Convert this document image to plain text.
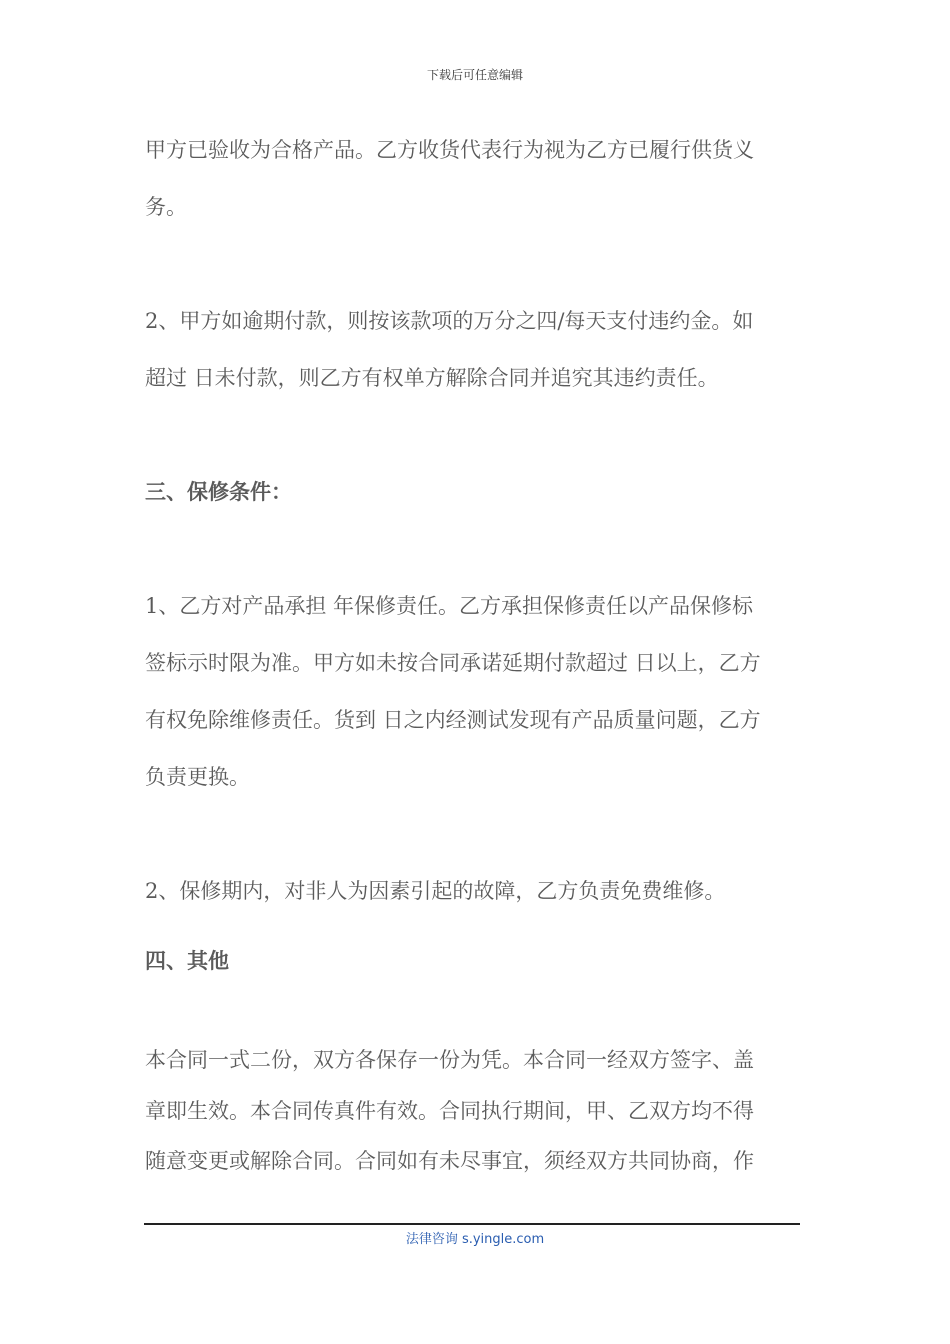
下载后可任意编辑
甲方已验收为合格产品。乙方收货代表行为视为乙方已履行供货义
务。
2、甲方如逾期付款，则按该款项的万分之四/每天支付违约金。如
超过 日未付款，则乙方有权单方解除合同并追究其违约责任。
三、保修条件：
1、乙方对产品承担 年保修责任。乙方承担保修责任以产品保修标
签标示时限为准。甲方如未按合同承诺延期付款超过 日以上，乙方
有权免除维修责任。货到 日之内经测试发现有产品质量问题，乙方
负责更换。
2、保修期内，对非人为因素引起的故障，乙方负责免费维修。
四、其他
本合同一式二份，双方各保存一份为凭。本合同一经双方签字、盖
章即生效。本合同传真件有效。合同执行期间，甲、乙双方均不得
随意变更或解除合同。合同如有未尽事宜，须经双方共同协商，作
法律咨询 s.yingle.com
